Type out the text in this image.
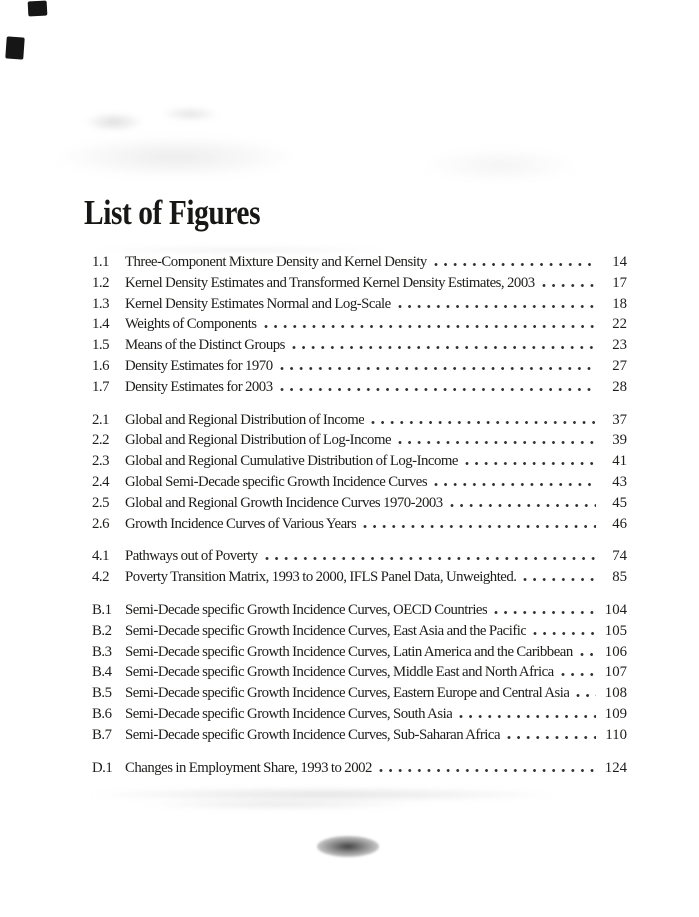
List of Figures
1.1	Three-Component Mixture Density and Kernel Density	14
1.2	Kernel Density Estimates and Transformed Kernel Density Estimates, 2003	17
1.3	Kernel Density Estimates Normal and Log-Scale	18
1.4	Weights of Components	22
1.5	Means of the Distinct Groups	23
1.6	Density Estimates for 1970	27
1.7	Density Estimates for 2003	28
2.1	Global and Regional Distribution of Income	37
2.2	Global and Regional Distribution of Log-Income	39
2.3	Global and Regional Cumulative Distribution of Log-Income	41
2.4	Global Semi-Decade specific Growth Incidence Curves	43
2.5	Global and Regional Growth Incidence Curves 1970-2003	45
2.6	Growth Incidence Curves of Various Years	46
4.1	Pathways out of Poverty	74
4.2	Poverty Transition Matrix, 1993 to 2000, IFLS Panel Data, Unweighted.	85
B.1 Semi-Decade specific Growth Incidence Curves, OECD Countries	104
B.2 Semi-Decade specific Growth Incidence Curves, East Asia and the Pacific	105
B.3 Semi-Decade specific Growth Incidence Curves, Latin America and the Caribbean 106
B.4 Semi-Decade specific Growth Incidence Curves, Middle East and North Africa	107
B.5 Semi-Decade specific Growth Incidence Curves, Eastern Europe and Central Asia 108
B.6 Semi-Decade specific Growth Incidence Curves, South Asia	109
B.7 Semi-Decade specific Growth Incidence Curves, Sub-Saharan Africa	110
D.1 Changes in Employment Share, 1993 to 2002	124
